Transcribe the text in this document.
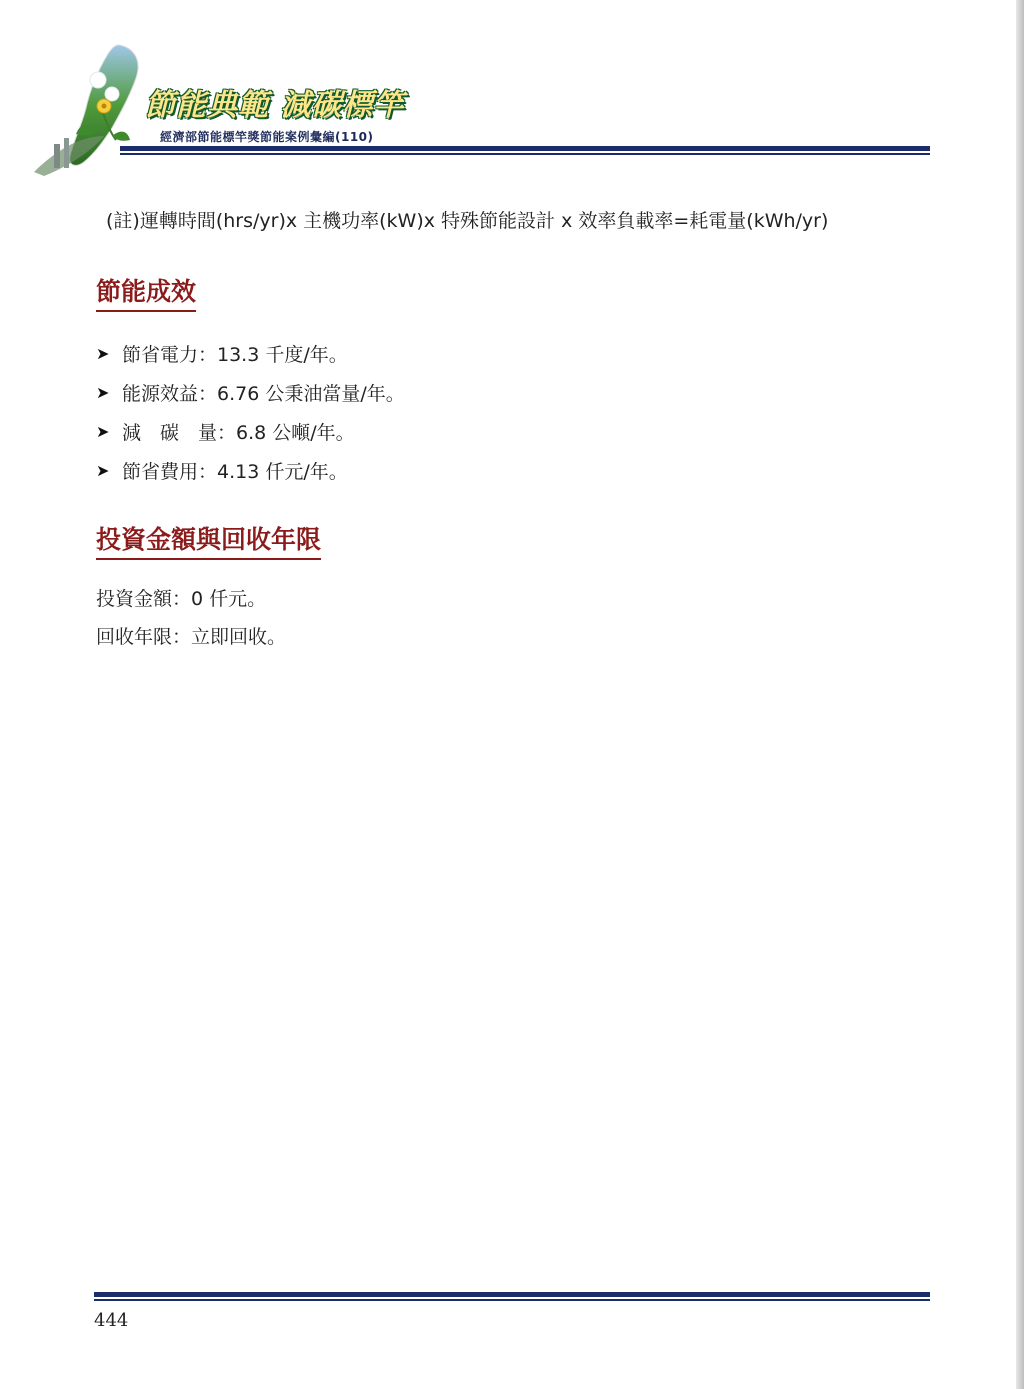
節能典範 減碳標竿
經濟部節能標竿獎節能案例彙編(110)
(註)運轉時間(hrs/yr)x 主機功率(kW)x 特殊節能設計 x 效率負載率=耗電量(kWh/yr)
節能成效
➤ 節省電力：13.3 千度/年。
➤ 能源效益：6.76 公秉油當量/年。
➤ 減　碳　量：6.8 公噸/年。
➤ 節省費用：4.13 仟元/年。
投資金額與回收年限
投資金額：0 仟元。
回收年限：立即回收。
444
